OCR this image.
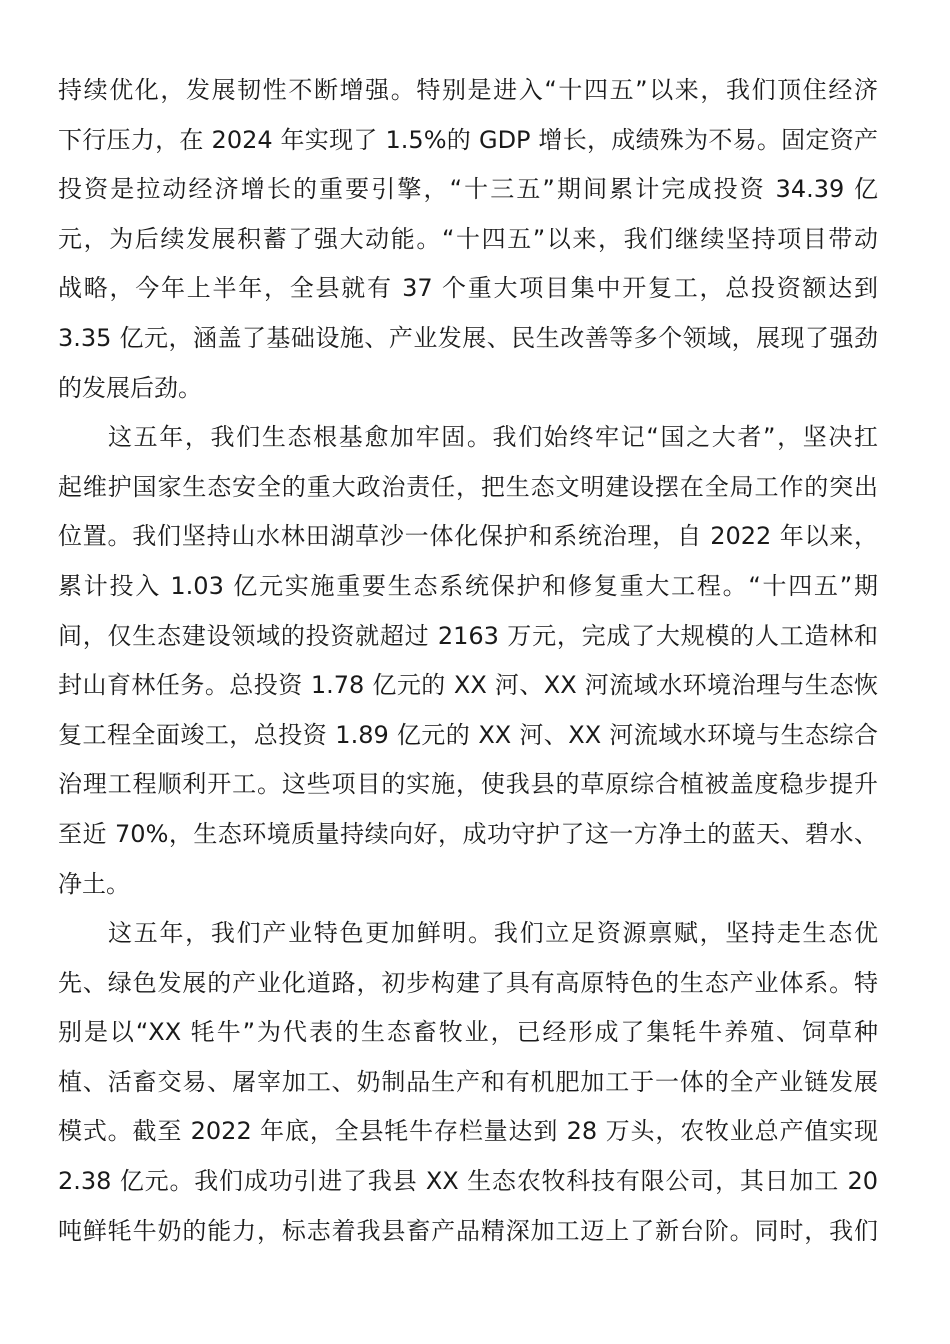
持续优化，发展韧性不断增强。特别是进入“十四五”以来，我们顶住经济
下行压力，在 2024 年实现了 1.5%的 GDP 增长，成绩殊为不易。固定资产
投资是拉动经济增长的重要引擎，“十三五”期间累计完成投资 34.39 亿
元，为后续发展积蓄了强大动能。“十四五”以来，我们继续坚持项目带动
战略，今年上半年，全县就有 37 个重大项目集中开复工，总投资额达到
3.35 亿元，涵盖了基础设施、产业发展、民生改善等多个领域，展现了强劲
的发展后劲。
这五年，我们生态根基愈加牢固。我们始终牢记“国之大者”，坚决扛
起维护国家生态安全的重大政治责任，把生态文明建设摆在全局工作的突出
位置。我们坚持山水林田湖草沙一体化保护和系统治理，自 2022 年以来，
累计投入 1.03 亿元实施重要生态系统保护和修复重大工程。“十四五”期
间，仅生态建设领域的投资就超过 2163 万元，完成了大规模的人工造林和
封山育林任务。总投资 1.78 亿元的 XX 河、XX 河流域水环境治理与生态恢
复工程全面竣工，总投资 1.89 亿元的 XX 河、XX 河流域水环境与生态综合
治理工程顺利开工。这些项目的实施，使我县的草原综合植被盖度稳步提升
至近 70%，生态环境质量持续向好，成功守护了这一方净土的蓝天、碧水、
净土。
这五年，我们产业特色更加鲜明。我们立足资源禀赋，坚持走生态优
先、绿色发展的产业化道路，初步构建了具有高原特色的生态产业体系。特
别是以“XX 牦牛”为代表的生态畜牧业，已经形成了集牦牛养殖、饲草种
植、活畜交易、屠宰加工、奶制品生产和有机肥加工于一体的全产业链发展
模式。截至 2022 年底，全县牦牛存栏量达到 28 万头，农牧业总产值实现
2.38 亿元。我们成功引进了我县 XX 生态农牧科技有限公司，其日加工 20
吨鲜牦牛奶的能力，标志着我县畜产品精深加工迈上了新台阶。同时，我们
